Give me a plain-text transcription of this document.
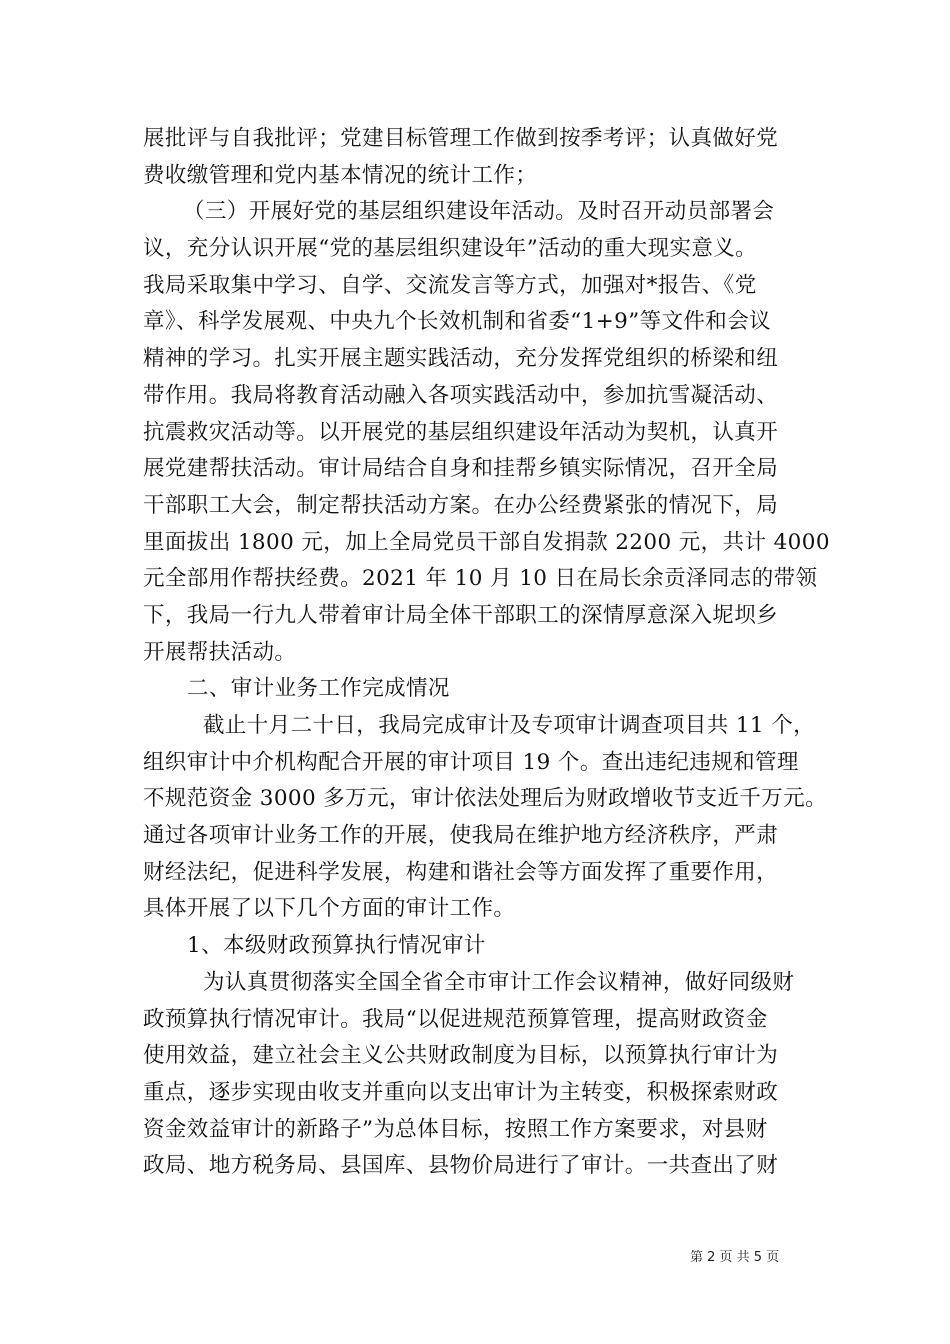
展批评与自我批评；党建目标管理工作做到按季考评；认真做好党
费收缴管理和党内基本情况的统计工作；
（三）开展好党的基层组织建设年活动。及时召开动员部署会
议，充分认识开展“党的基层组织建设年”活动的重大现实意义。
我局采取集中学习、自学、交流发言等方式，加强对*报告、《党
章》、科学发展观、中央九个长效机制和省委“1+9”等文件和会议
精神的学习。扎实开展主题实践活动，充分发挥党组织的桥梁和纽
带作用。我局将教育活动融入各项实践活动中，参加抗雪凝活动、
抗震救灾活动等。以开展党的基层组织建设年活动为契机，认真开
展党建帮扶活动。审计局结合自身和挂帮乡镇实际情况，召开全局
干部职工大会，制定帮扶活动方案。在办公经费紧张的情况下，局
里面拔出 1800 元，加上全局党员干部自发捐款 2200 元，共计 4000
元全部用作帮扶经费。2021 年 10 月 10 日在局长余贡泽同志的带领
下，我局一行九人带着审计局全体干部职工的深情厚意深入坭坝乡
开展帮扶活动。
二、审计业务工作完成情况
截止十月二十日，我局完成审计及专项审计调查项目共 11 个，
组织审计中介机构配合开展的审计项目 19 个。查出违纪违规和管理
不规范资金 3000 多万元，审计依法处理后为财政增收节支近千万元。
通过各项审计业务工作的开展，使我局在维护地方经济秩序，严肃
财经法纪，促进科学发展，构建和谐社会等方面发挥了重要作用，
具体开展了以下几个方面的审计工作。
1、本级财政预算执行情况审计
为认真贯彻落实全国全省全市审计工作会议精神，做好同级财
政预算执行情况审计。我局“以促进规范预算管理，提高财政资金
使用效益，建立社会主义公共财政制度为目标，以预算执行审计为
重点，逐步实现由收支并重向以支出审计为主转变，积极探索财政
资金效益审计的新路子”为总体目标，按照工作方案要求，对县财
政局、地方税务局、县国库、县物价局进行了审计。一共查出了财
第 2 页 共 5 页
